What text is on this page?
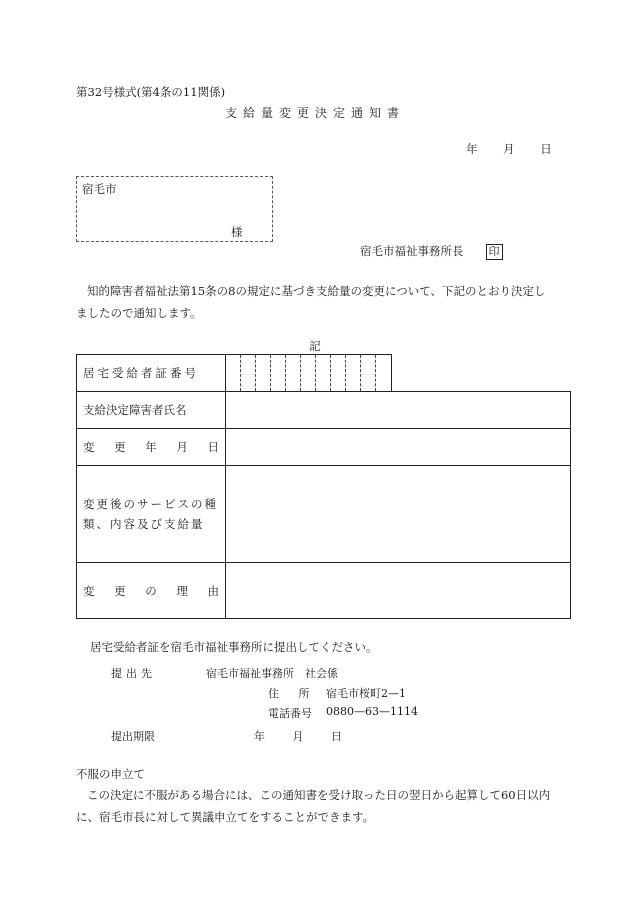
第32号様式(第4条の11関係)
支給量変更決定通知書
年 月 日
宿毛市
様
宿毛市福祉事務所長 印
知的障害者福祉法第15条の8の規定に基づき支給量の変更について、下記のとおり決定しましたので通知します。
記
居宅受給者証番号	

支給決定障害者氏名		

変 更 年 月 日		

変更後のサービスの種類、内容及び支給量		

変 更 の 理 由		

居宅受給者証を宿毛市福祉事務所に提出してください。
提出先	宿毛市福祉事務所　社会係
住 所 宿毛市桜町2—1
電話番号 0880—63—1114
提出期限	年 月 日
不服の申立て
この決定に不服がある場合には、この通知書を受け取った日の翌日から起算して60日以内に、宿毛市長に対して異議申立てをすることができます。
